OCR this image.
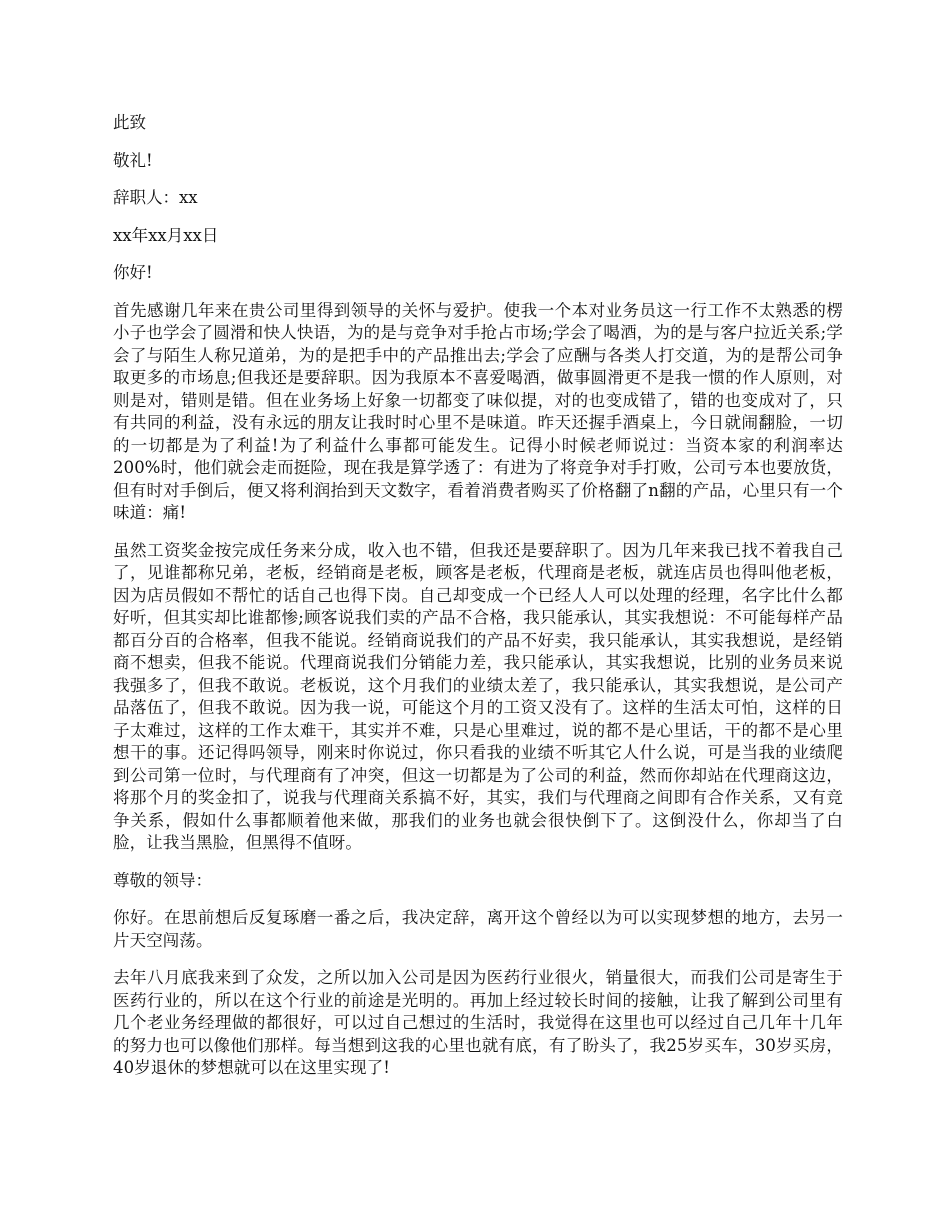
此致

敬礼!

辞职人：xx

xx年xx月xx日

你好!

首先感谢几年来在贵公司里得到领导的关怀与爱护。使我一个本对业务员这一行工作不太熟悉的楞小子也学会了圆滑和快人快语，为的是与竞争对手抢占市场;学会了喝酒，为的是与客户拉近关系;学会了与陌生人称兄道弟，为的是把手中的产品推出去;学会了应酬与各类人打交道，为的是帮公司争取更多的市场息;但我还是要辞职。因为我原本不喜爱喝酒，做事圆滑更不是我一惯的作人原则，对则是对，错则是错。但在业务场上好象一切都变了味似提，对的也变成错了，错的也变成对了，只有共同的利益，没有永远的朋友让我时时心里不是味道。昨天还握手酒桌上，今日就闹翻脸，一切的一切都是为了利益!为了利益什么事都可能发生。记得小时候老师说过：当资本家的利润率达200%时，他们就会走而挺险，现在我是算学透了：有进为了将竞争对手打败，公司亏本也要放货，但有时对手倒后，便又将利润抬到天文数字，看着消费者购买了价格翻了n翻的产品，心里只有一个味道：痛!

虽然工资奖金按完成任务来分成，收入也不错，但我还是要辞职了。因为几年来我已找不着我自己了，见谁都称兄弟，老板，经销商是老板，顾客是老板，代理商是老板，就连店员也得叫他老板，因为店员假如不帮忙的话自己也得下岗。自己却变成一个已经人人可以处理的经理，名字比什么都好听，但其实却比谁都惨;顾客说我们卖的产品不合格，我只能承认，其实我想说：不可能每样产品都百分百的合格率，但我不能说。经销商说我们的产品不好卖，我只能承认，其实我想说，是经销商不想卖，但我不能说。代理商说我们分销能力差，我只能承认，其实我想说，比别的业务员来说我强多了，但我不敢说。老板说，这个月我们的业绩太差了，我只能承认，其实我想说，是公司产品落伍了，但我不敢说。因为我一说，可能这个月的工资又没有了。这样的生活太可怕，这样的日子太难过，这样的工作太难干，其实并不难，只是心里难过，说的都不是心里话，干的都不是心里想干的事。还记得吗领导，刚来时你说过，你只看我的业绩不听其它人什么说，可是当我的业绩爬到公司第一位时，与代理商有了冲突，但这一切都是为了公司的利益，然而你却站在代理商这边，将那个月的奖金扣了，说我与代理商关系搞不好，其实，我们与代理商之间即有合作关系，又有竞争关系，假如什么事都顺着他来做，那我们的业务也就会很快倒下了。这倒没什么，你却当了白脸，让我当黑脸，但黑得不值呀。

尊敬的领导：

你好。在思前想后反复琢磨一番之后，我决定辞，离开这个曾经以为可以实现梦想的地方，去另一片天空闯荡。

去年八月底我来到了众发，之所以加入公司是因为医药行业很火，销量很大，而我们公司是寄生于医药行业的，所以在这个行业的前途是光明的。再加上经过较长时间的接触，让我了解到公司里有几个老业务经理做的都很好，可以过自己想过的生活时，我觉得在这里也可以经过自己几年十几年的努力也可以像他们那样。每当想到这我的心里也就有底，有了盼头了，我25岁买车，30岁买房，40岁退休的梦想就可以在这里实现了!
